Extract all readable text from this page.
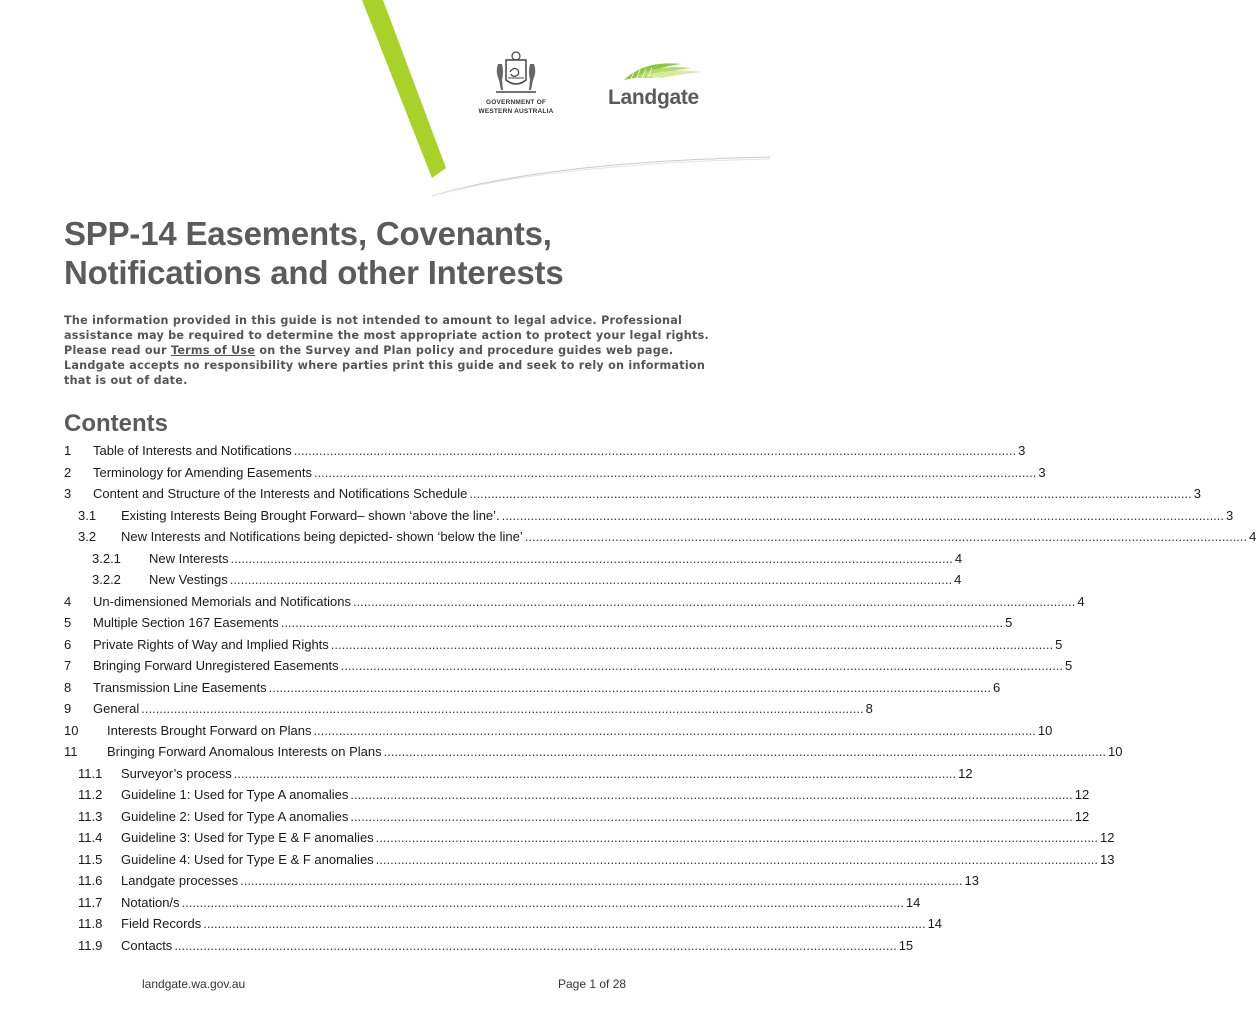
GOVERNMENT OF
WESTERN AUSTRALIA
Landgate
SPP-14 Easements, Covenants,
Notifications and other Interests

The information provided in this guide is not intended to amount to legal advice. Professional assistance may be required to determine the most appropriate action to protect your legal rights. Please read our Terms of Use on the Survey and Plan policy and procedure guides web page. Landgate accepts no responsibility where parties print this guide and seek to rely on information that is out of date.

Contents
1	Table of Interests and Notifications ........................................................................................................................................................................................................ 3
2	Terminology for Amending Easements ........................................................................................................................................................................................................ 3
3	Content and Structure of the Interests and Notifications Schedule ........................................................................................................................................................................................................ 3
3.1	Existing Interests Being Brought Forward– shown ‘above the line’. ........................................................................................................................................................................................................ 3
3.2	New Interests and Notifications being depicted- shown ‘below the line’ ........................................................................................................................................................................................................ 4
3.2.1	New Interests ........................................................................................................................................................................................................ 4
3.2.2	New Vestings ........................................................................................................................................................................................................ 4
4	Un-dimensioned Memorials and Notifications ........................................................................................................................................................................................................ 4
5	Multiple Section 167 Easements ........................................................................................................................................................................................................ 5
6	Private Rights of Way and Implied Rights ........................................................................................................................................................................................................ 5
7	Bringing Forward Unregistered Easements ........................................................................................................................................................................................................ 5
8	Transmission Line Easements ........................................................................................................................................................................................................ 6
9	General ........................................................................................................................................................................................................ 8
10	Interests Brought Forward on Plans ........................................................................................................................................................................................................ 10
11	Bringing Forward Anomalous Interests on Plans ........................................................................................................................................................................................................ 10
11.1	Surveyor’s process ........................................................................................................................................................................................................ 12
11.2	Guideline 1: Used for Type A anomalies ........................................................................................................................................................................................................ 12
11.3	Guideline 2: Used for Type A anomalies ........................................................................................................................................................................................................ 12
11.4	Guideline 3: Used for Type E & F anomalies ........................................................................................................................................................................................................ 12
11.5	Guideline 4: Used for Type E & F anomalies ........................................................................................................................................................................................................ 13
11.6	Landgate processes ........................................................................................................................................................................................................ 13
11.7	Notation/s ........................................................................................................................................................................................................ 14
11.8	Field Records ........................................................................................................................................................................................................ 14
11.9	Contacts ........................................................................................................................................................................................................ 15
landgate.wa.gov.au	Page 1 of 28
